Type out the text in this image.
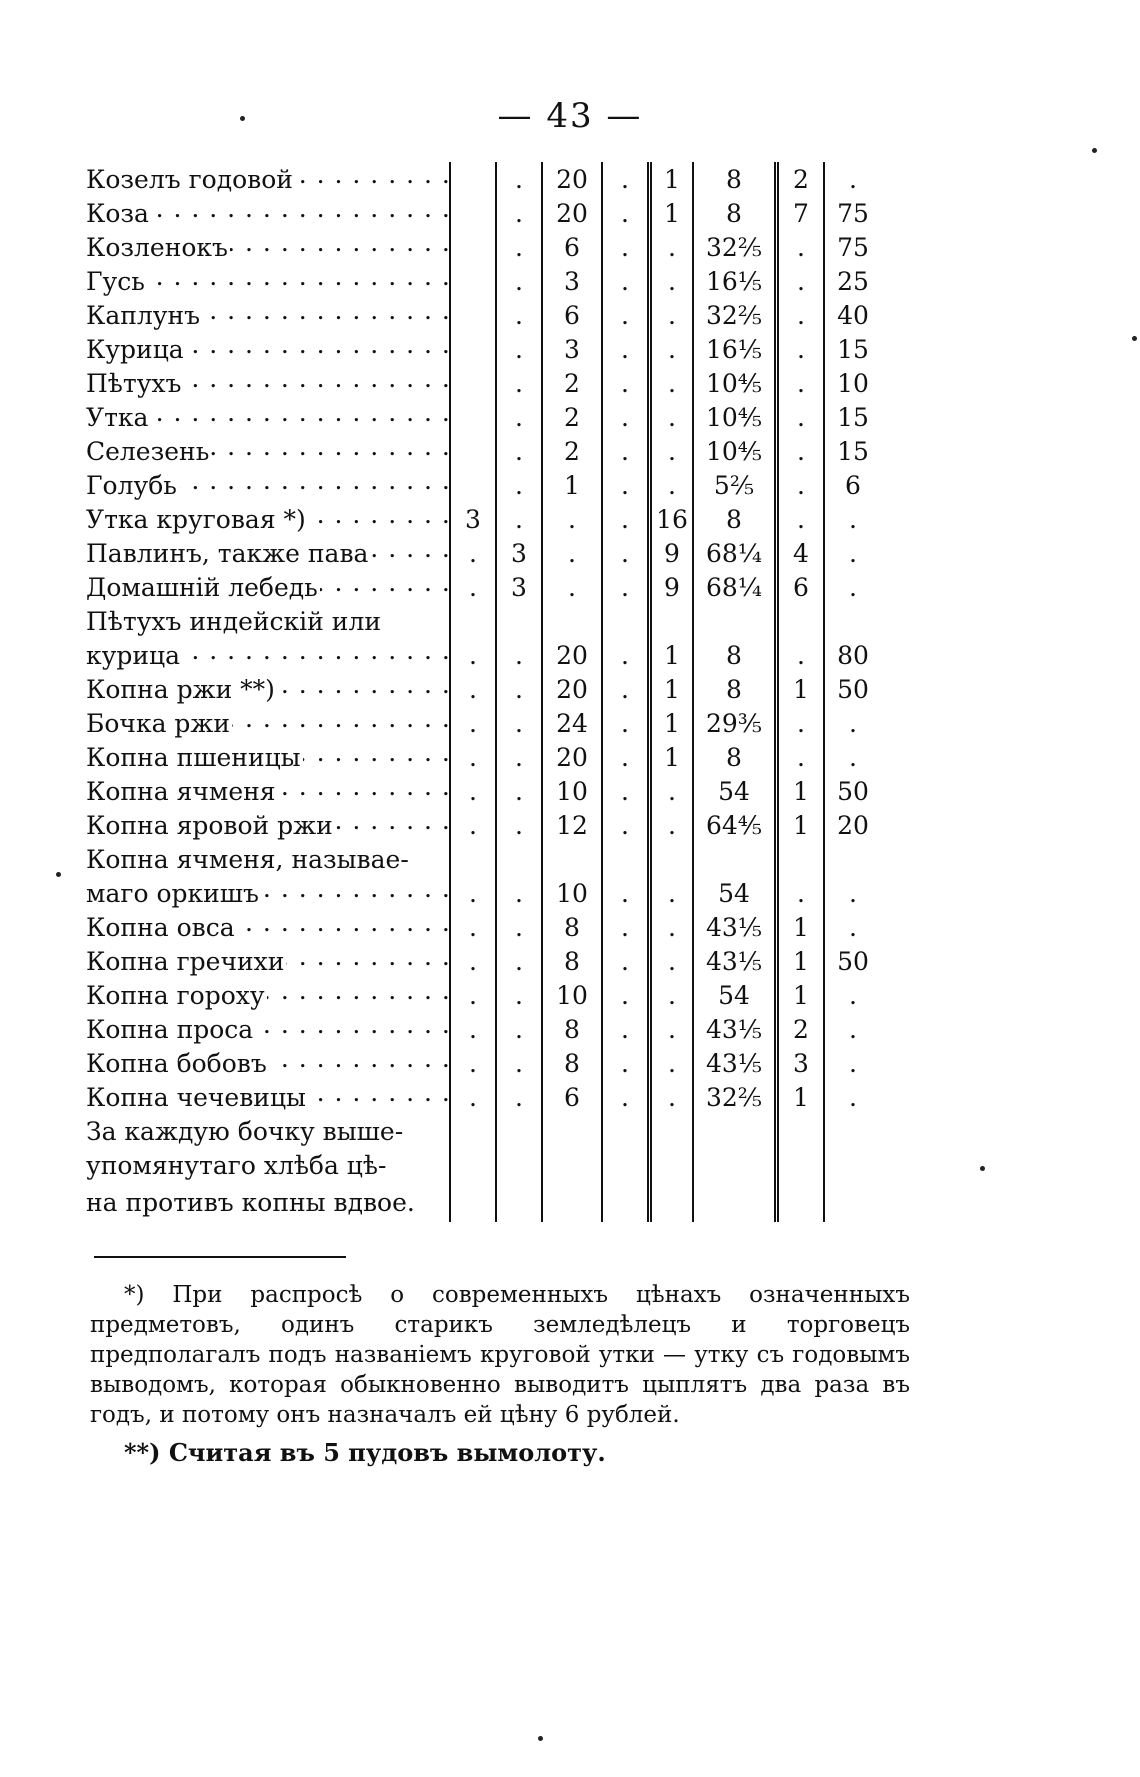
— 43 —
Козелъ годовой . . .		.	20	.	1	8	2	.
Коза . . .		.	20	.	1	8	7	75
Козленокъ . . .		.	6	.	.	32⅖	.	75
Гусь . . .		.	3	.	.	16⅕	.	25
Каплунъ . . .		.	6	.	.	32⅖	.	40
Курица . . .		.	3	.	.	16⅕	.	15
Пѣтухъ . . .		.	2	.	.	10⅘	.	10
Утка . . .		.	2	.	.	10⅘	.	15
Селезень . . .		.	2	.	.	10⅘	.	15
Голубь . . .		.	1	.	.	5⅖	.	6
Утка круговая *) . . .	3	.	.	.	16	8	.	.
Павлинъ, также пава . . .	.	3	.	.	9	68¼	4	.
Домашній лебедь . . .	.	3	.	.	9	68¼	6	.
Пѣтухъ индейскій или								
курица . . .	.	.	20	.	1	8	.	80
Копна ржи **) . . .	.	.	20	.	1	8	1	50
Бочка ржи . . .	.	.	24	.	1	29⅗	.	.
Копна пшеницы . . .	.	.	20	.	1	8	.	.
Копна ячменя . . .	.	.	10	.	.	54	1	50
Копна яровой ржи . . .	.	.	12	.	.	64⅘	1	20
Копна ячменя, называе-								
маго оркишъ . . .	.	.	10	.	.	54	.	.
Копна овса . . .	.	.	8	.	.	43⅕	1	.
Копна гречихи . . .	.	.	8	.	.	43⅕	1	50
Копна гороху . . .	.	.	10	.	.	54	1	.
Копна проса . . .	.	.	8	.	.	43⅕	2	.
Копна бобовъ . . .	.	.	8	.	.	43⅕	3	.
Копна чечевицы . . .	.	.	6	.	.	32⅖	1	.
За каждую бочку выше-								
упомянутаго хлѣба цѣ-								
на противъ копны вдвое.								

*) При распросѣ о современныхъ цѣнахъ означенныхъ предметовъ, одинъ старикъ земледѣлецъ и торговецъ предполагалъ подъ названіемъ круговой утки — утку съ годовымъ выводомъ, которая обыкновенно выводитъ цыплятъ два раза въ годъ, и потому онъ назначалъ ей цѣну 6 рублей.

**) Считая въ 5 пудовъ вымолоту.
